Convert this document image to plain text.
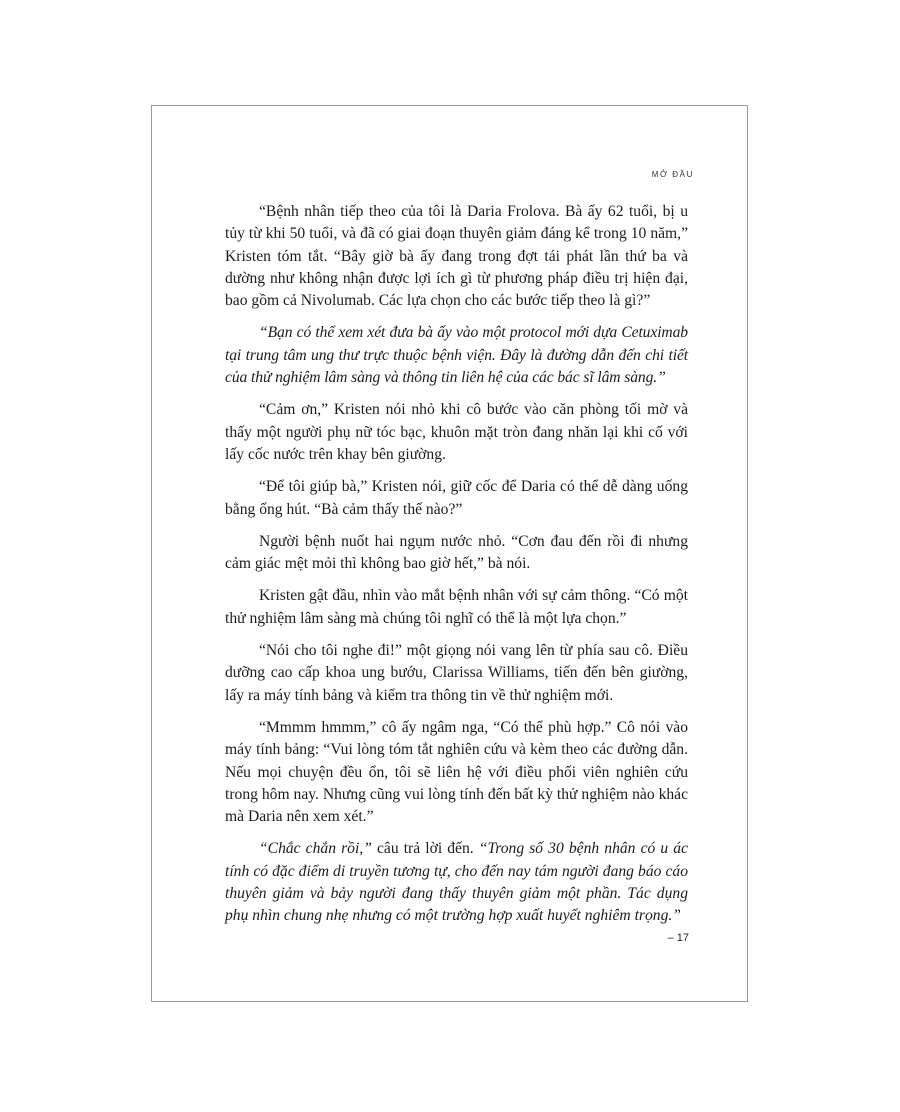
MỞ ĐẦU

“Bệnh nhân tiếp theo của tôi là Daria Frolova. Bà ấy 62 tuổi, bị u tủy từ khi 50 tuổi, và đã có giai đoạn thuyên giảm đáng kể trong 10 năm,” Kristen tóm tắt. “Bây giờ bà ấy đang trong đợt tái phát lần thứ ba và dường như không nhận được lợi ích gì từ phương pháp điều trị hiện đại, bao gồm cả Nivolumab. Các lựa chọn cho các bước tiếp theo là gì?”

“Bạn có thể xem xét đưa bà ấy vào một protocol mới dựa Cetuximab tại trung tâm ung thư trực thuộc bệnh viện. Đây là đường dẫn đến chi tiết của thử nghiệm lâm sàng và thông tin liên hệ của các bác sĩ lâm sàng.”

“Cảm ơn,” Kristen nói nhỏ khi cô bước vào căn phòng tối mờ và thấy một người phụ nữ tóc bạc, khuôn mặt tròn đang nhăn lại khi cố với lấy cốc nước trên khay bên giường.

“Để tôi giúp bà,” Kristen nói, giữ cốc để Daria có thể dễ dàng uống bằng ống hút. “Bà cảm thấy thế nào?”

Người bệnh nuốt hai ngụm nước nhỏ. “Cơn đau đến rồi đi nhưng cảm giác mệt mỏi thì không bao giờ hết,” bà nói.

Kristen gật đầu, nhìn vào mắt bệnh nhân với sự cảm thông. “Có một thử nghiệm lâm sàng mà chúng tôi nghĩ có thể là một lựa chọn.”

“Nói cho tôi nghe đi!” một giọng nói vang lên từ phía sau cô. Điều dưỡng cao cấp khoa ung bướu, Clarissa Williams, tiến đến bên giường, lấy ra máy tính bảng và kiểm tra thông tin về thử nghiệm mới.

“Mmmm hmmm,” cô ấy ngâm nga, “Có thể phù hợp.” Cô nói vào máy tính bảng: “Vui lòng tóm tắt nghiên cứu và kèm theo các đường dẫn. Nếu mọi chuyện đều ổn, tôi sẽ liên hệ với điều phối viên nghiên cứu trong hôm nay. Nhưng cũng vui lòng tính đến bất kỳ thử nghiệm nào khác mà Daria nên xem xét.”

“Chắc chắn rồi,” câu trả lời đến. “Trong số 30 bệnh nhân có u ác tính có đặc điểm di truyền tương tự, cho đến nay tám người đang báo cáo thuyên giảm và bảy người đang thấy thuyên giảm một phần. Tác dụng phụ nhìn chung nhẹ nhưng có một trường hợp xuất huyết nghiêm trọng.”

– 17
